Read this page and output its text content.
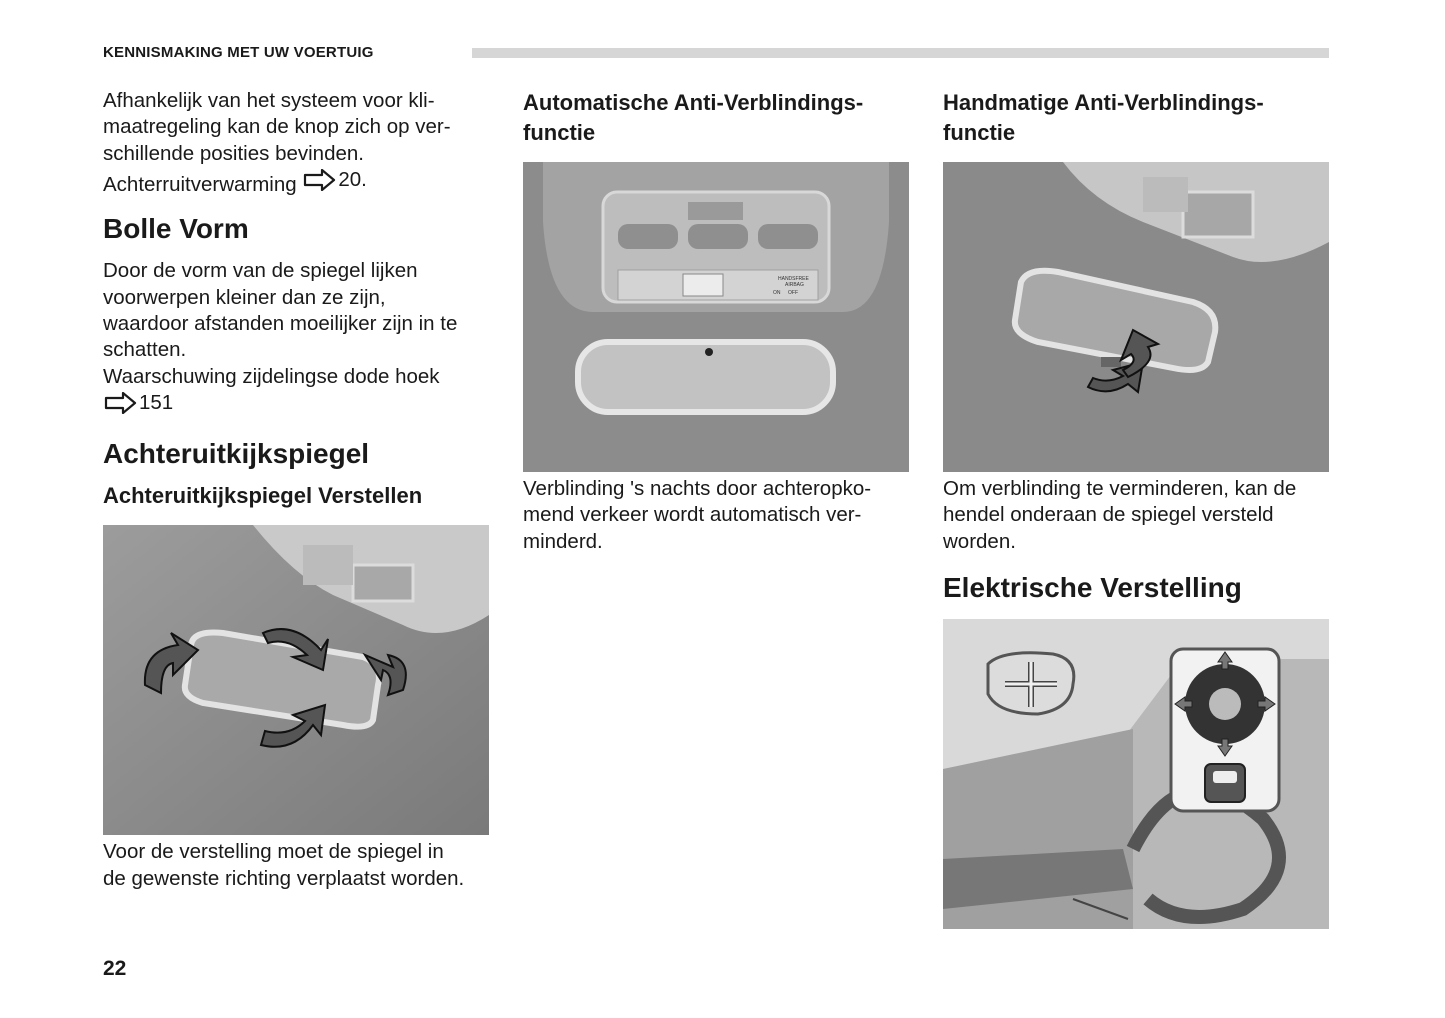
KENNISMAKING MET UW VOERTUIG

Afhankelijk van het systeem voor kli-
maatregeling kan de knop zich op ver-
schillende posities bevinden.
Achterruitverwarming 20.

Bolle Vorm

Door de vorm van de spiegel lijken
voorwerpen kleiner dan ze zijn,
waardoor afstanden moeilijker zijn in te
schatten.
Waarschuwing zijdelingse dode hoek

151

Achteruitkijkspiegel
Achteruitkijkspiegel Verstellen

Voor de verstelling moet de spiegel in
de gewenste richting verplaatst worden.

Automatische Anti-Verblindings-
functie
HANDSFREE
AIRBAG
ON OFF

Verblinding 's nachts door achteropko-
mend verkeer wordt automatisch ver-
minderd.

Handmatige Anti-Verblindings-
functie

Om verblinding te verminderen, kan de
hendel onderaan de spiegel versteld
worden.

Elektrische Verstelling
22
